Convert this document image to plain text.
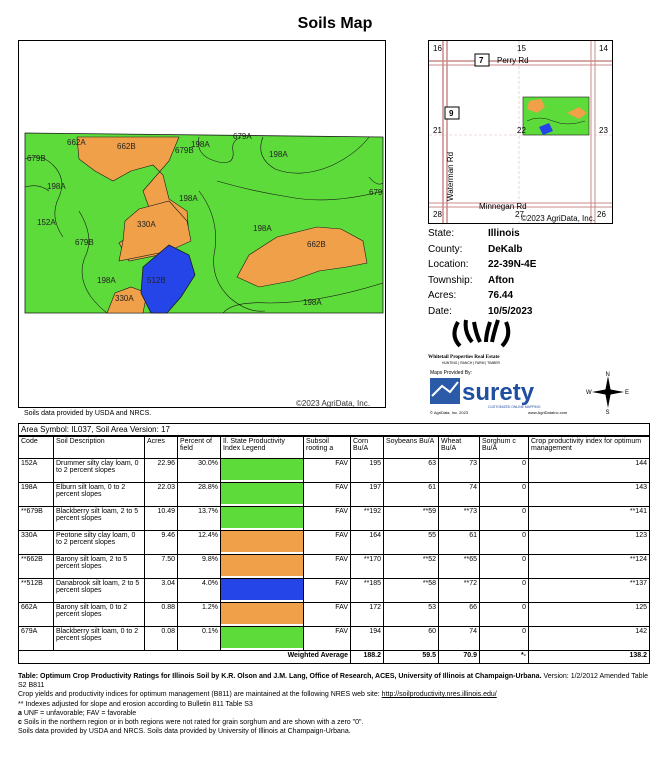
Soils Map
662A	662B
679B
198A
679A
198A
679B
198A
152A
679B
330A
198A
662B
198A	512B
330A	198A
679
198A
©2023 AgriData, Inc.
Soils data provided by USDA and NRCS.
16	15	14
21	22	23
28	27	26
7 Perry Rd
9
Waterman Rd
Minnegan Rd
©2023 AgriData, Inc.
State:	Illinois
County:	DeKalb
Location:	22-39N-4E
Township:	Afton
Acres:	76.44
Date:	10/5/2023
Whitetail Properties Real Estate
HUNTING | RANCH | FARM | TIMBER
Maps Provided By:
surety
CUSTOMIZED ONLINE MAPPING
© AgriData, Inc. 2023	www.AgriDataInc.com
N
S
E
W
Area Symbol: IL037, Soil Area Version: 17
Code	Soil Description	Acres	Percent of field	Il. State Productivity Index Legend	Subsoil rooting a	Corn Bu/A	Soybeans Bu/A	Wheat Bu/A	Sorghum c Bu/A	Crop productivity index for optimum management
152A	Drummer silty clay loam, 0 to 2 percent slopes	22.96	30.0%		FAV	195	63	73	0	144
198A	Elburn silt loam, 0 to 2 percent slopes	22.03	28.8%		FAV	197	61	74	0	143
**679B	Blackberry silt loam, 2 to 5 percent slopes	10.49	13.7%		FAV	**192	**59	**73	0	**141
330A	Peotone silty clay loam, 0 to 2 percent slopes	9.46	12.4%		FAV	164	55	61	0	123
**662B	Barony silt loam, 2 to 5 percent slopes	7.50	9.8%		FAV	**170	**52	**65	0	**124
**512B	Danabrook silt loam, 2 to 5 percent slopes	3.04	4.0%		FAV	**185	**58	**72	0	**137
662A	Barony silt loam, 0 to 2 percent slopes	0.88	1.2%		FAV	172	53	66	0	125
679A	Blackberry silt loam, 0 to 2 percent slopes	0.08	0.1%		FAV	194	60	74	0	142
Weighted Average						188.2	59.5	70.9	*-	138.2
Table: Optimum Crop Productivity Ratings for Illinois Soil by K.R. Olson and J.M. Lang, Office of Research, ACES, University of Illinois at Champaign-Urbana. Version: 1/2/2012 Amended Table S2 B811
Crop yields and productivity indices for optimum management (B811) are maintained at the following NRES web site: http://soilproductivity.nres.illinois.edu/
** Indexes adjusted for slope and erosion according to Bulletin 811 Table S3
a UNF = unfavorable; FAV = favorable
c Soils in the northern region or in both regions were not rated for grain sorghum and are shown with a zero "0".
Soils data provided by USDA and NRCS. Soils data provided by University of Illinois at Champaign-Urbana.
